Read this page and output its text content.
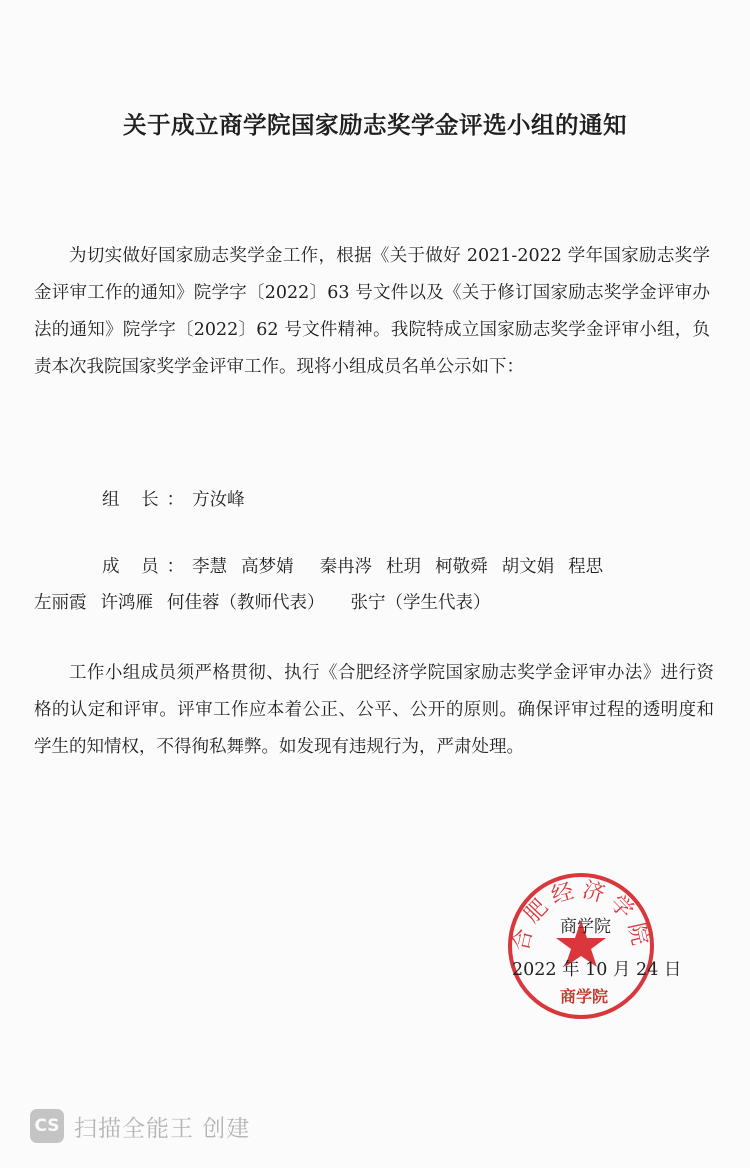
关于成立商学院国家励志奖学金评选小组的通知
为切实做好国家励志奖学金工作，根据《关于做好 2021-2022 学年国家励志奖学金评审工作的通知》院学字〔2022〕63 号文件以及《关于修订国家励志奖学金评审办法的通知》院学字〔2022〕62 号文件精神。我院特成立国家励志奖学金评审小组，负责本次我院国家奖学金评审工作。现将小组成员名单公示如下：
组 长：方汝峰
成 员：李慧 高梦婧 秦冉涔 杜玥 柯敬舜 胡文娟 程思
左丽霞 许鸿雁 何佳蓉（教师代表） 张宁（学生代表）
工作小组成员须严格贯彻、执行《合肥经济学院国家励志奖学金评审办法》进行资格的认定和评审。评审工作应本着公正、公平、公开的原则。确保评审过程的透明度和学生的知情权，不得徇私舞弊。如发现有违规行为，严肃处理。
合肥经济学院
商学院
2022 年 10 月 24 日
商学院
CS 扫描全能王 创建
